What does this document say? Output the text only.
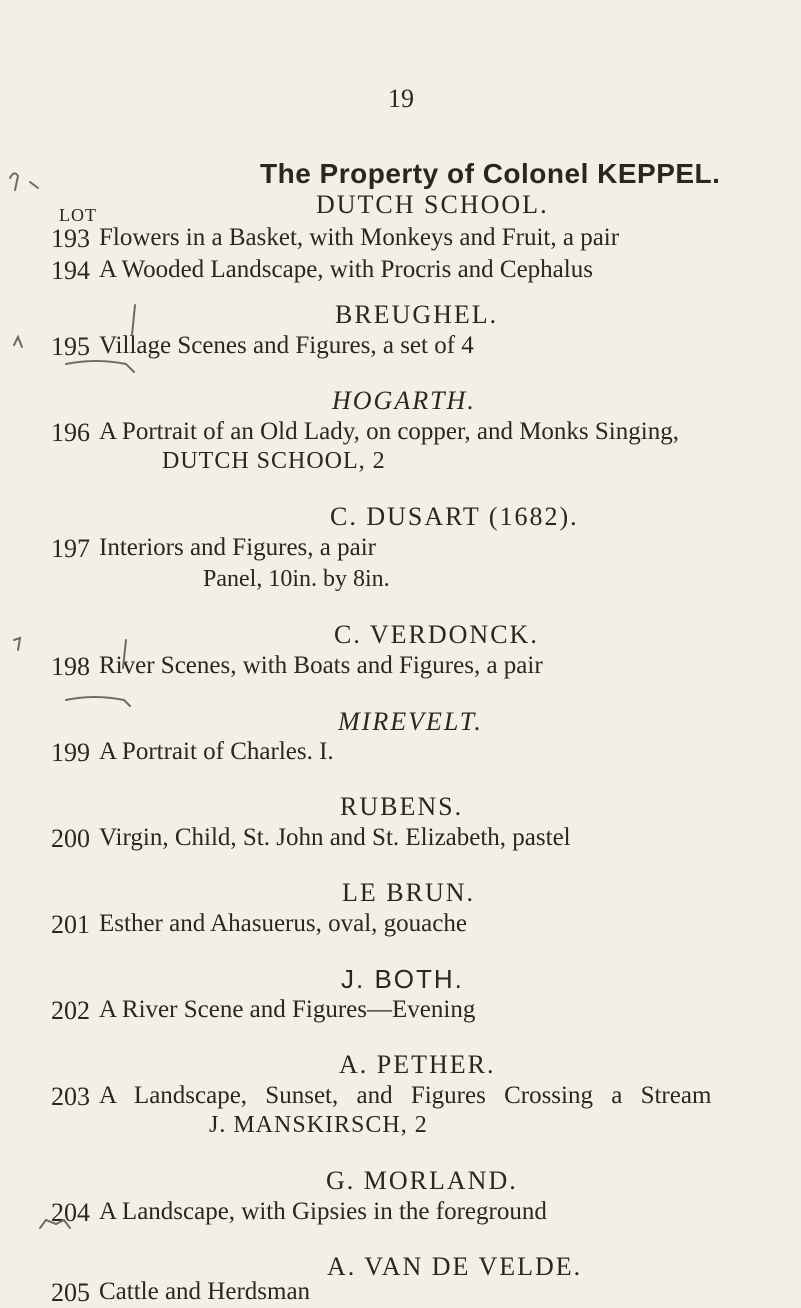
19
The Property of Colonel KEPPEL.
LOT	DUTCH SCHOOL.
193 Flowers in a Basket, with Monkeys and Fruit, a pair
194 A Wooded Landscape, with Procris and Cephalus
BREUGHEL.
195 Village Scenes and Figures, a set of 4
HOGARTH.
196 A Portrait of an Old Lady, on copper, and Monks Singing,
DUTCH SCHOOL, 2
C. DUSART (1682).
197 Interiors and Figures, a pair
Panel, 10in. by 8in.
C. VERDONCK.
198 River Scenes, with Boats and Figures, a pair
MIREVELT.
199 A Portrait of Charles. I.
RUBENS.
200 Virgin, Child, St. John and St. Elizabeth, pastel
LE BRUN.
201 Esther and Ahasuerus, oval, gouache
J. BOTH.
202 A River Scene and Figures—Evening
A. PETHER.
203 A Landscape, Sunset, and Figures Crossing a Stream
J. MANSKIRSCH, 2
G. MORLAND.
204 A Landscape, with Gipsies in the foreground
A. VAN DE VELDE.
205 Cattle and Herdsman
